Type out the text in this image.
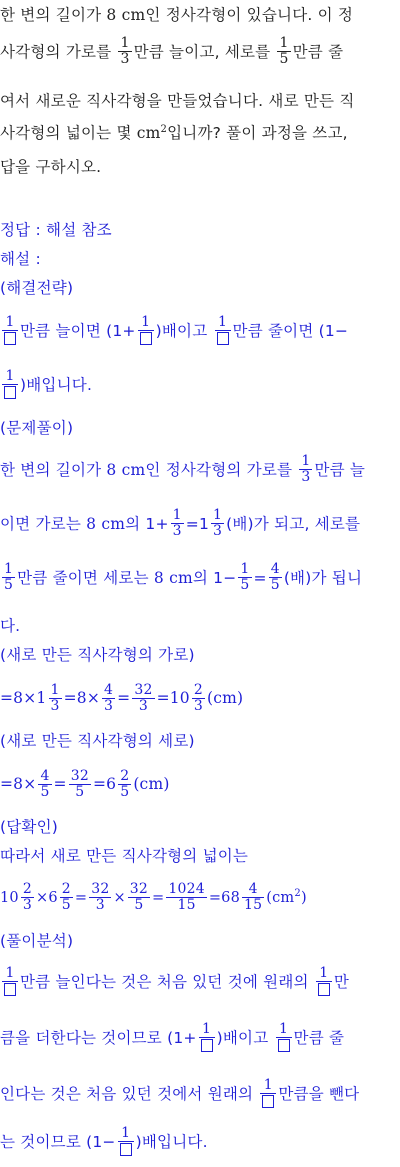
한 변의 길이가 8 cm인 정사각형이 있습니다. 이 정
사각형의 가로를 $\frac{1}{3}$ 만큼 늘이고, 세로를 $\frac{1}{5}$ 만큼 줄
여서 새로운 직사각형을 만들었습니다. 새로 만든 직
사각형의 넓이는 몇 $cm^2$입니까? 풀이 과정을 쓰고,
답을 구하시오.
정답 : 해설 참조
해설 :
(해결전략)
1 만큼 늘이면 (1+ 1 )배이고 1 만큼 줄이면 (1−
1 )배입니다.
(문제풀이)
한 변의 길이가 8 cm인 정사각형의 가로를 $\frac{1}{3}$ 만큼 늘
이면 가로는 8 cm의 $1+ \frac{1}{3} =1 \frac{1}{3}$ (배)가 되고, 세로를
$\frac{1}{5}$ 만큼 줄이면 세로는 8 cm의 $1- \frac{1}{5} = \frac{4}{5}$ (배)가 됩니
다.
(새로 만든 직사각형의 가로)
$=8\times 1 \frac{1}{3} =8\times \frac{4}{3} = \frac{32}{3} =10 \frac{2}{3} (cm)$
(새로 만든 직사각형의 세로)
$=8\times \frac{4}{5} = \frac{32}{5} =6 \frac{2}{5} (cm)$
(답확인)
따라서 새로 만든 직사각형의 넓이는
$10 \frac{2}{3} \times 6 \frac{2}{5} = \frac{32}{3} \times \frac{32}{5} = \frac{1024}{15} =68 \frac{4}{15} (cm^2)$
(풀이분석)
1 만큼 늘인다는 것은 처음 있던 것에 원래의 1 만
큼을 더한다는 것이므로 (1+ 1 )배이고 1 만큼 줄
인다는 것은 처음 있던 것에서 원래의 1 만큼을 뺀다
는 것이므로 (1− 1 )배입니다.
